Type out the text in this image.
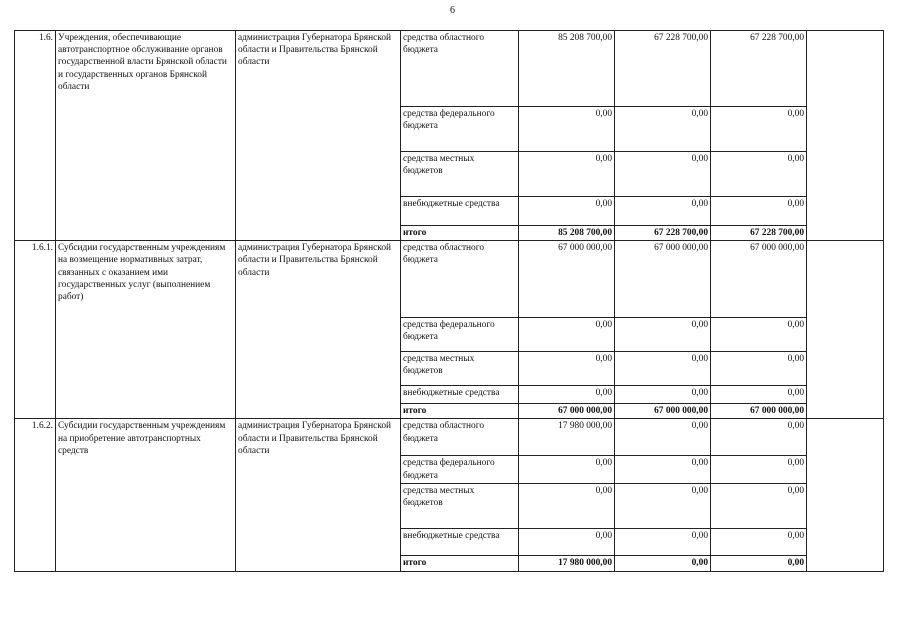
6
1.6.	Учреждения, обеспечивающие автотранспортное обслуживание органов государственной власти Брянской области и государственных органов Брянской области	администрация Губернатора Брянской области и Правительства Брянской области	средства областного бюджета	85 208 700,00	67 228 700,00	67 228 700,00	
			средства федерального бюджета	0,00	0,00	0,00	
			средства местных бюджетов	0,00	0,00	0,00	
			внебюджетные средства	0,00	0,00	0,00	
			итого	85 208 700,00	67 228 700,00	67 228 700,00	
1.6.1.	Субсидии государственным учреждениям на возмещение нормативных затрат, связанных с оказанием ими государственных услуг (выполнением работ)	администрация Губернатора Брянской области и Правительства Брянской области	средства областного бюджета	67 000 000,00	67 000 000,00	67 000 000,00	
			средства федерального бюджета	0,00	0,00	0,00	
			средства местных бюджетов	0,00	0,00	0,00	
			внебюджетные средства	0,00	0,00	0,00	
			итого	67 000 000,00	67 000 000,00	67 000 000,00	
1.6.2.	Субсидии государственным учреждениям на приобретение автотранспортных средств	администрация Губернатора Брянской области и Правительства Брянской области	средства областного бюджета	17 980 000,00	0,00	0,00	
			средства федерального бюджета	0,00	0,00	0,00	
			средства местных бюджетов	0,00	0,00	0,00	
			внебюджетные средства	0,00	0,00	0,00	
			итого	17 980 000,00	0,00	0,00	
